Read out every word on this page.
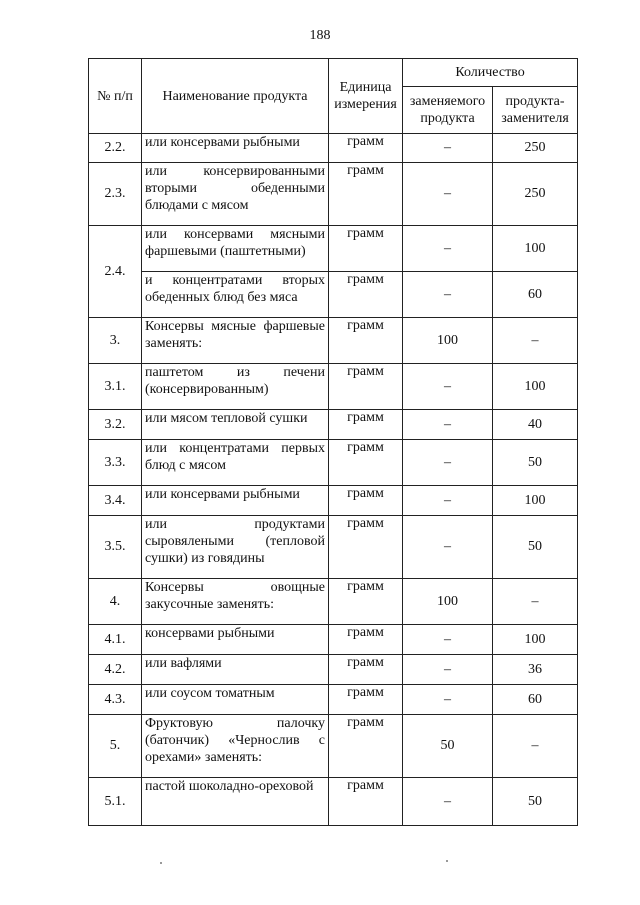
188
№ п/п	Наименование продукта	Единица измерения	Количество	
			заменяемого продукта	продукта-заменителя
2.2.	или консервами рыбными	грамм	–	250
2.3.	или консервированными вторыми обеденными блюдами с мясом	грамм	–	250
2.4.	или консервами мясными фаршевыми (паштетными)	грамм	–	100
	и концентратами вторых обеденных блюд без мяса	грамм	–	60
3.	Консервы мясные фаршевые заменять:	грамм	100	–
3.1.	паштетом из печени (консервированным)	грамм	–	100
3.2.	или мясом тепловой сушки	грамм	–	40
3.3.	или концентратами первых блюд с мясом	грамм	–	50
3.4.	или консервами рыбными	грамм	–	100
3.5.	или продуктами сыровялеными (тепловой сушки) из говядины	грамм	–	50
4.	Консервы овощные закусочные заменять:	грамм	100	–
4.1.	консервами рыбными	грамм	–	100
4.2.	или вафлями	грамм	–	36
4.3.	или соусом томатным	грамм	–	60
5.	Фруктовую палочку (батончик) «Чернослив с орехами» заменять:	грамм	50	–
5.1.	пастой шоколадно-ореховой	грамм	–	50
